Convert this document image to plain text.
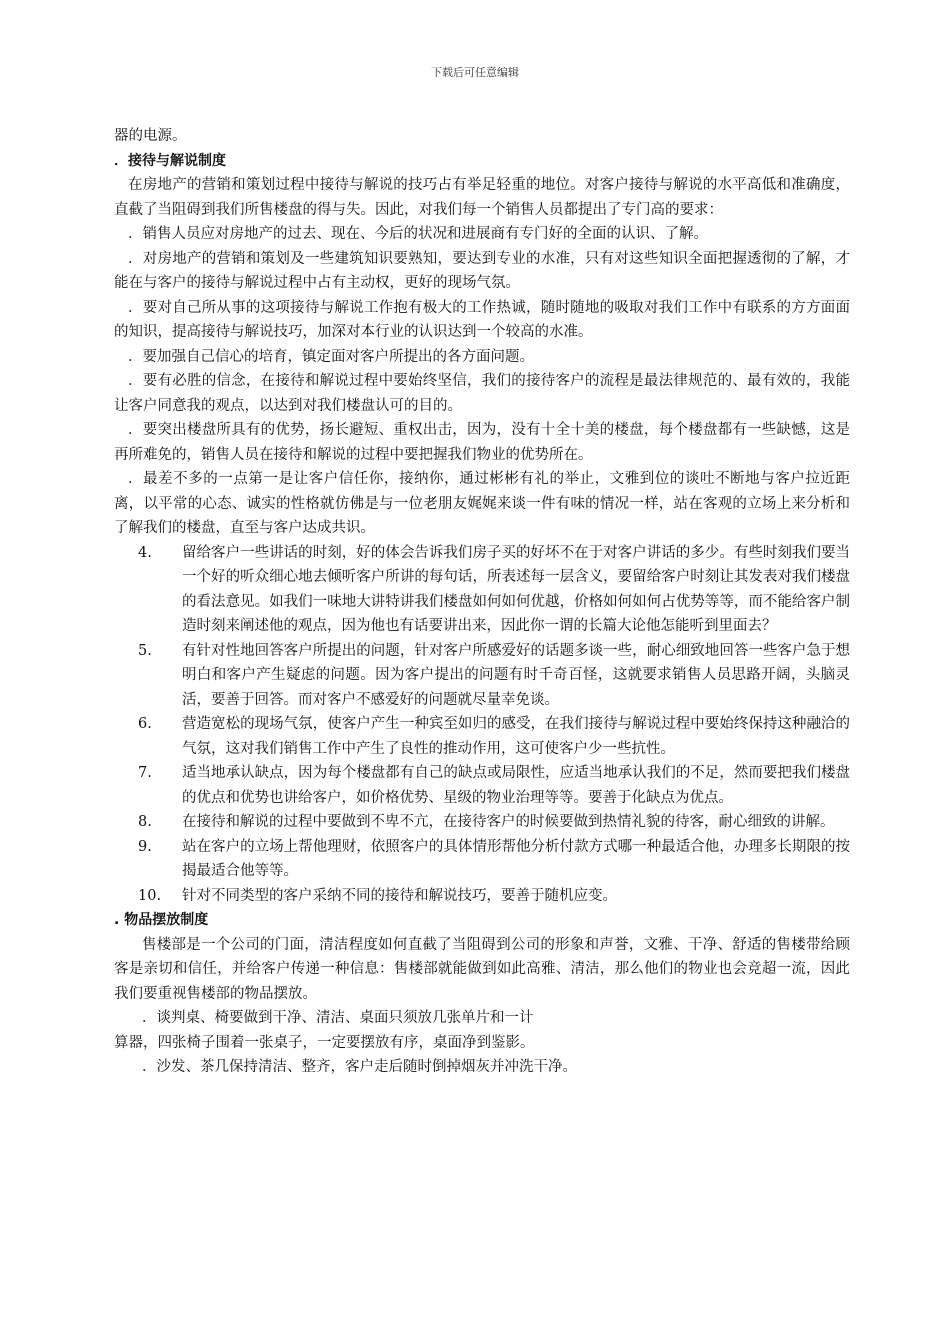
下载后可任意编辑

器的电源。

．接待与解说制度

在房地产的营销和策划过程中接待与解说的技巧占有举足轻重的地位。对客户接待与解说的水平高低和准确度，直截了当阻碍到我们所售楼盘的得与失。因此，对我们每一个销售人员都提出了专门高的要求：

．销售人员应对房地产的过去、现在、今后的状况和进展商有专门好的全面的认识、了解。

．对房地产的营销和策划及一些建筑知识要熟知，要达到专业的水准，只有对这些知识全面把握透彻的了解，才能在与客户的接待与解说过程中占有主动权，更好的现场气氛。

．要对自己所从事的这项接待与解说工作抱有极大的工作热诚，随时随地的吸取对我们工作中有联系的方方面面的知识，提高接待与解说技巧，加深对本行业的认识达到一个较高的水准。

．要加强自己信心的培育，镇定面对客户所提出的各方面问题。

．要有必胜的信念，在接待和解说过程中要始终坚信，我们的接待客户的流程是最法律规范的、最有效的，我能让客户同意我的观点，以达到对我们楼盘认可的目的。

．要突出楼盘所具有的优势，扬长避短、重权出击，因为，没有十全十美的楼盘，每个楼盘都有一些缺憾，这是再所难免的，销售人员在接待和解说的过程中要把握我们物业的优势所在。

．最差不多的一点第一是让客户信任你，接纳你，通过彬彬有礼的举止，文雅到位的谈吐不断地与客户拉近距离，以平常的心态、诚实的性格就仿佛是与一位老朋友娓娓来谈一件有味的情况一样，站在客观的立场上来分析和了解我们的楼盘，直至与客户达成共识。

4.	留给客户一些讲话的时刻，好的体会告诉我们房子买的好坏不在于对客户讲话的多少。有些时刻我们要当一个好的听众细心地去倾听客户所讲的每句话，所表述每一层含义，要留给客户时刻让其发表对我们楼盘的看法意见。如我们一味地大讲特讲我们楼盘如何如何优越，价格如何如何占优势等等，而不能给客户制造时刻来阐述他的观点，因为他也有话要讲出来，因此你一谓的长篇大论他怎能听到里面去？
5.	有针对性地回答客户所提出的问题，针对客户所感爱好的话题多谈一些，耐心细致地回答一些客户急于想明白和客户产生疑虑的问题。因为客户提出的问题有时千奇百怪，这就要求销售人员思路开阔，头脑灵活，要善于回答。而对客户不感爱好的问题就尽量幸免谈。
6.	营造宽松的现场气氛，使客户产生一种宾至如归的感受，在我们接待与解说过程中要始终保持这种融洽的气氛，这对我们销售工作中产生了良性的推动作用，这可使客户少一些抗性。
7.	适当地承认缺点，因为每个楼盘都有自己的缺点或局限性，应适当地承认我们的不足，然而要把我们楼盘的优点和优势也讲给客户，如价格优势、星级的物业治理等等。要善于化缺点为优点。
8.	在接待和解说的过程中要做到不卑不亢，在接待客户的时候要做到热情礼貌的待客，耐心细致的讲解。
9.	站在客户的立场上帮他理财，依照客户的具体情形帮他分析付款方式哪一种最适合他，办理多长期限的按揭最适合他等等。
10.	针对不同类型的客户采纳不同的接待和解说技巧，要善于随机应变。

. 物品摆放制度

售楼部是一个公司的门面，清洁程度如何直截了当阻碍到公司的形象和声誉，文雅、干净、舒适的售楼带给顾客是亲切和信任，并给客户传递一种信息：售楼部就能做到如此高雅、清洁，那么他们的物业也会竞超一流，因此我们要重视售楼部的物品摆放。

．谈判桌、椅要做到干净、清洁、桌面只须放几张单片和一计

算器，四张椅子围着一张桌子，一定要摆放有序，桌面净到鉴影。

．沙发、茶几保持清洁、整齐，客户走后随时倒掉烟灰并冲洗干净。
